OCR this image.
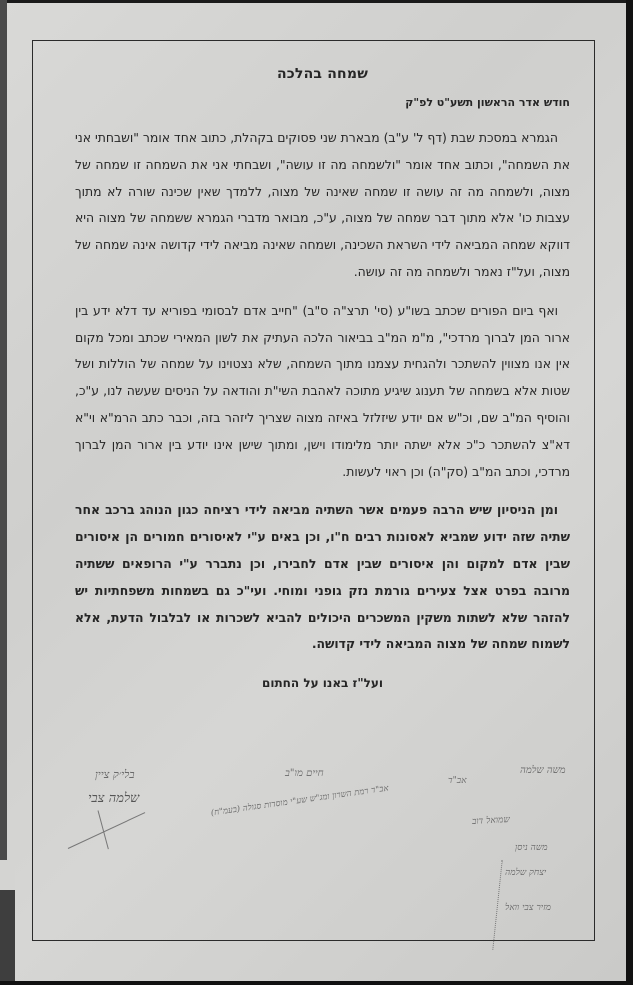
שמחה בהלכה
חודש אדר הראשון תשע"ט לפ"ק

הגמרא במסכת שבת (דף ל' ע"ב) מבארת שני פסוקים בקהלת, כתוב אחד אומר "ושבחתי אני את השמחה", וכתוב אחד אומר "ולשמחה מה זו עושה", ושבחתי אני את השמחה זו שמחה של מצוה, ולשמחה מה זה עושה זו שמחה שאינה של מצוה, ללמדך שאין שכינה שורה לא מתוך עצבות כו' אלא מתוך דבר שמחה של מצוה, ע"כ, מבואר מדברי הגמרא ששמחה של מצוה היא דווקא שמחה המביאה לידי השראת השכינה, ושמחה שאינה מביאה לידי קדושה אינה שמחה של מצוה, ועל"ז נאמר ולשמחה מה זה עושה.

ואף ביום הפורים שכתב בשו"ע (סי' תרצ"ה ס"ב) "חייב אדם לבסומי בפוריא עד דלא ידע בין ארור המן לברוך מרדכי", מ"מ המ"ב בביאור הלכה העתיק את לשון המאירי שכתב ומכל מקום אין אנו מצווין להשתכר ולהגחית עצמנו מתוך השמחה, שלא נצטוינו על שמחה של הוללות ושל שטות אלא בשמחה של תענוג שיגיע מתוכה לאהבת השי"ת והודאה על הניסים שעשה לנו, ע"כ, והוסיף המ"ב שם, וכ"ש אם יודע שיזלזל באיזה מצוה שצריך ליזהר בזה, וכבר כתב הרמ"א וי"א דא"צ להשתכר כ"כ אלא ישתה יותר מלימודו וישן, ומתוך שישן אינו יודע בין ארור המן לברוך מרדכי, וכתב המ"ב (סק"ה) וכן ראוי לעשות.

ומן הניסיון שיש הרבה פעמים אשר השתיה מביאה לידי רציחה כגון הנוהג ברכב אחר שתיה שזה ידוע שמביא לאסונות רבים ח"ו, וכן באים ע"י לאיסורים חמורים הן איסורים שבין אדם למקום והן איסורים שבין אדם לחבירו, וכן נתברר ע"י הרופאים ששתיה מרובה בפרט אצל צעירים גורמת נזק גופני ומוחי. ועי"כ גם בשמחות משפחתיות יש להזהר שלא לשתות משקין המשכרים היכולים להביא לשכרות או לבלבול הדעת, אלא לשמוח שמחה של מצוה המביאה לידי קדושה.

ועל"ז באנו על החתום
בלי׳ק ציין
שלמה צבי
חיים מו"ב
אב"ד רמת השרון ומג"ש שע"י מוסדות סגולה (בעמ"ח)
משה שלמה
אב"ד
שמואל דוב
משה ניסן
יצחק שלמה
מזיר צבי וואל
